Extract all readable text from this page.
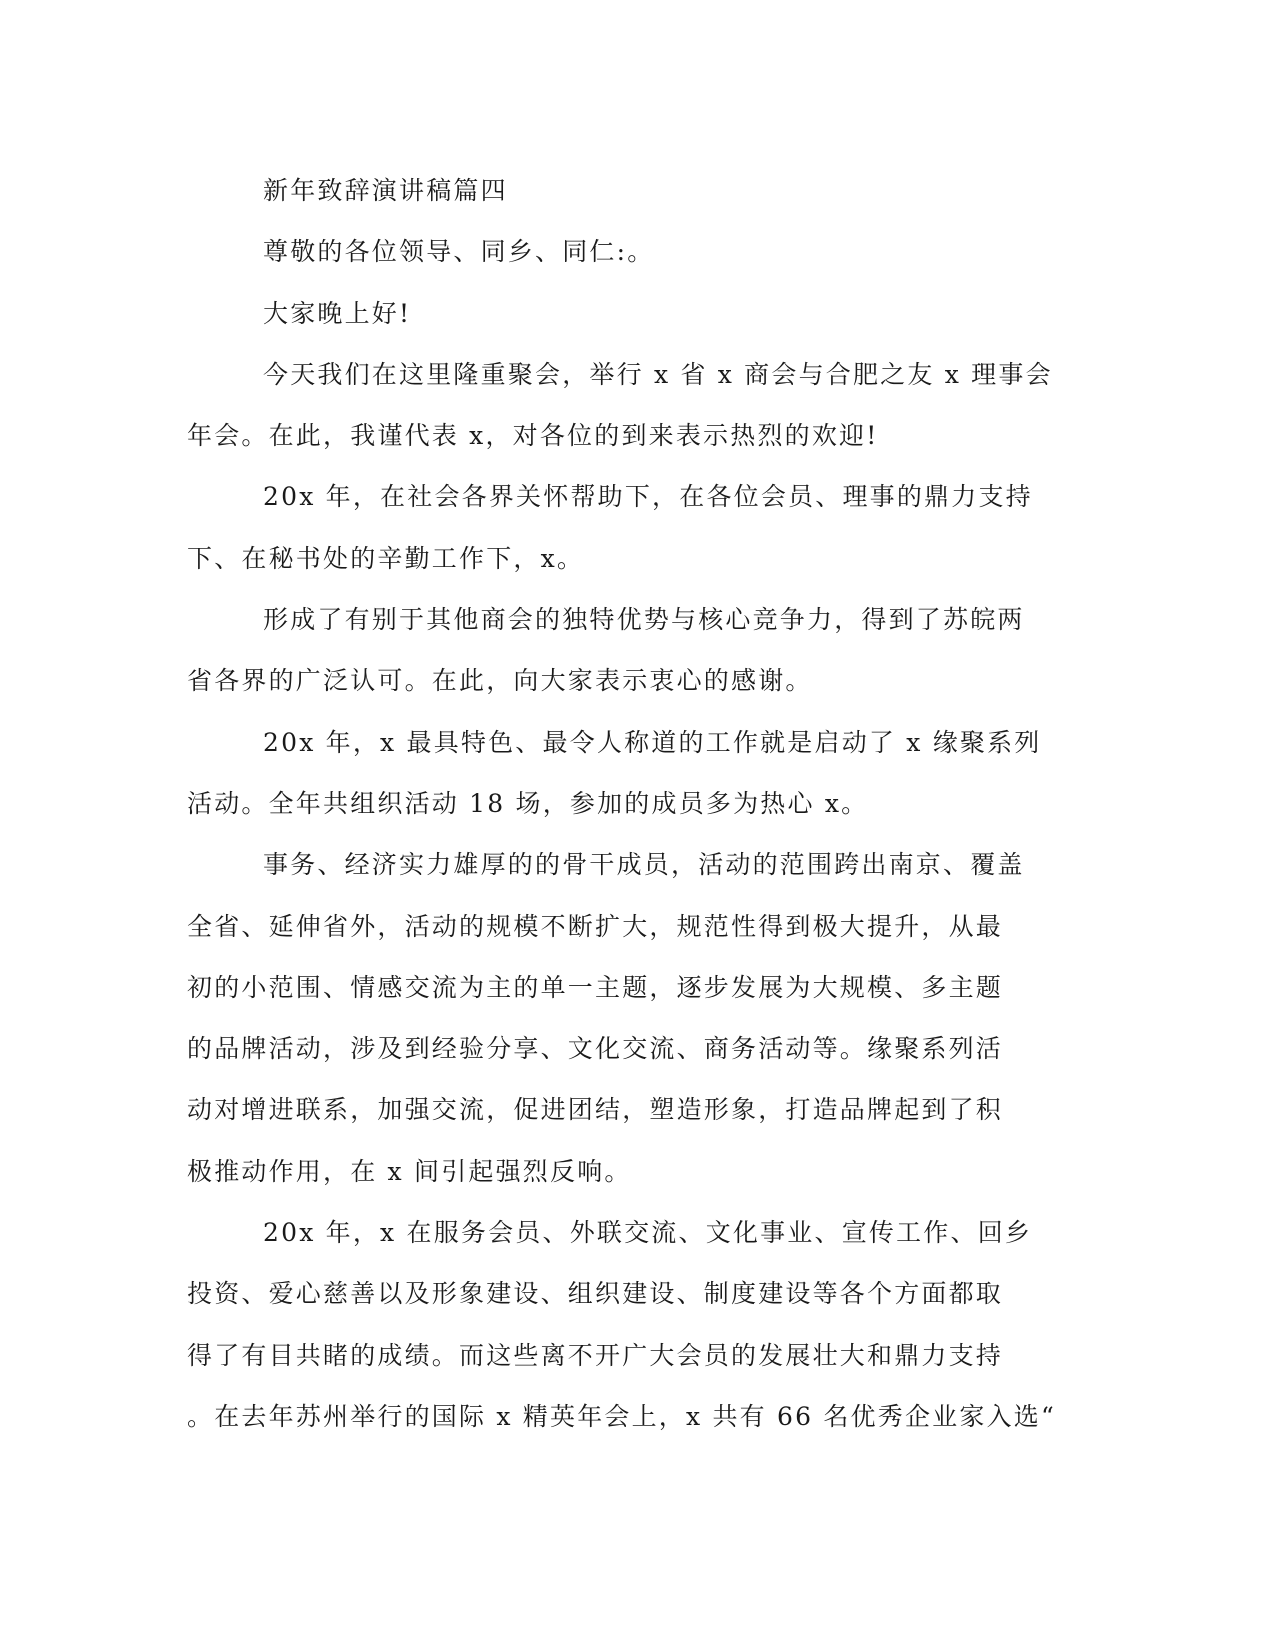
新年致辞演讲稿篇四
尊敬的各位领导、同乡、同仁:。
大家晚上好!
今天我们在这里隆重聚会，举行 x 省 x 商会与合肥之友 x 理事会
年会。在此，我谨代表 x，对各位的到来表示热烈的欢迎!
20x 年，在社会各界关怀帮助下，在各位会员、理事的鼎力支持
下、在秘书处的辛勤工作下，x。
形成了有别于其他商会的独特优势与核心竞争力，得到了苏皖两
省各界的广泛认可。在此，向大家表示衷心的感谢。
20x 年，x 最具特色、最令人称道的工作就是启动了 x 缘聚系列
活动。全年共组织活动 18 场，参加的成员多为热心 x。
事务、经济实力雄厚的的骨干成员，活动的范围跨出南京、覆盖
全省、延伸省外，活动的规模不断扩大，规范性得到极大提升，从最
初的小范围、情感交流为主的单一主题，逐步发展为大规模、多主题
的品牌活动，涉及到经验分享、文化交流、商务活动等。缘聚系列活
动对增进联系，加强交流，促进团结，塑造形象，打造品牌起到了积
极推动作用，在 x 间引起强烈反响。
20x 年，x 在服务会员、外联交流、文化事业、宣传工作、回乡
投资、爱心慈善以及形象建设、组织建设、制度建设等各个方面都取
得了有目共睹的成绩。而这些离不开广大会员的发展壮大和鼎力支持
。在去年苏州举行的国际 x 精英年会上，x 共有 66 名优秀企业家入选“
